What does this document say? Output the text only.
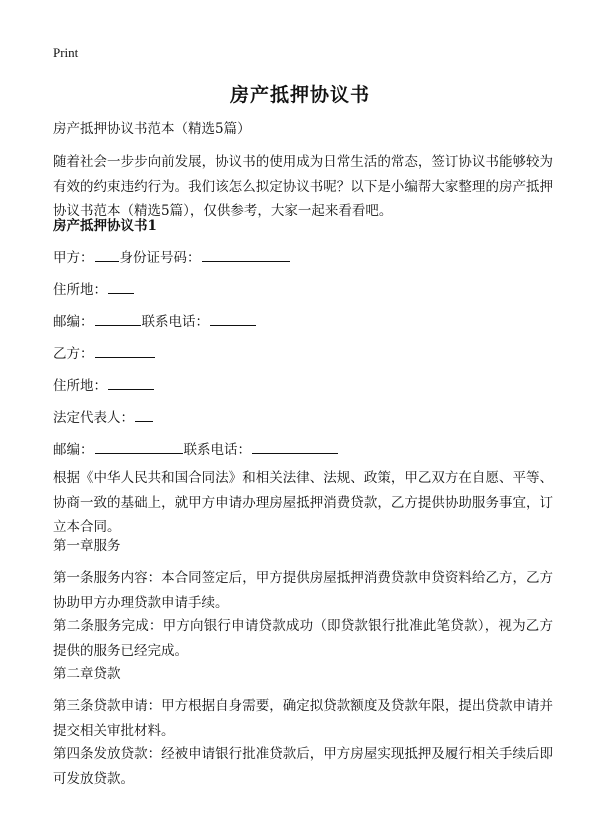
Print
房产抵押协议书
房产抵押协议书范本（精选5篇）
随着社会一步步向前发展，协议书的使用成为日常生活的常态，签订协议书能够较为有效的约束违约行为。我们该怎么拟定协议书呢？以下是小编帮大家整理的房产抵押协议书范本（精选5篇），仅供参考，大家一起来看看吧。
房产抵押协议书1
甲方： 身份证号码：
住所地：
邮编：	联系电话：
乙方：
住所地：
法定代表人：
邮编：	联系电话：
根据《中华人民共和国合同法》和相关法律、法规、政策，甲乙双方在自愿、平等、协商一致的基础上，就甲方申请办理房屋抵押消费贷款，乙方提供协助服务事宜，订立本合同。
第一章服务
第一条服务内容：本合同签定后，甲方提供房屋抵押消费贷款申贷资料给乙方，乙方协助甲方办理贷款申请手续。
第二条服务完成：甲方向银行申请贷款成功（即贷款银行批准此笔贷款），视为乙方提供的服务已经完成。
第二章贷款
第三条贷款申请：甲方根据自身需要，确定拟贷款额度及贷款年限，提出贷款申请并提交相关审批材料。
第四条发放贷款：经被申请银行批准贷款后，甲方房屋实现抵押及履行相关手续后即可发放贷款。
